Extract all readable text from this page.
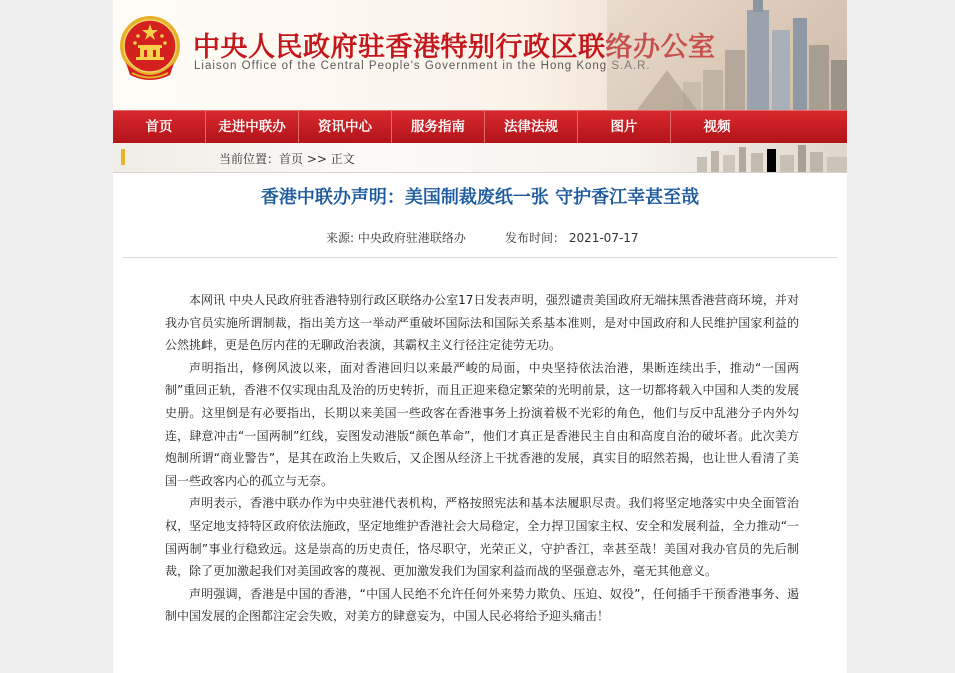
中央人民政府驻香港特别行政区联络办公室
Liaison Office of the Central People's Government in the Hong Kong S.A.R.
首页	走进中联办	资讯中心	服务指南	法律法规	图片	视频
当前位置：首页 >> 正文
香港中联办声明：美国制裁废纸一张 守护香江幸甚至哉
来源: 中央政府驻港联络办	发布时间： 2021-07-17

本网讯 中央人民政府驻香港特别行政区联络办公室17日发表声明，强烈谴责美国政府无端抹黑香港营商环境，并对我办官员实施所谓制裁，指出美方这一举动严重破坏国际法和国际关系基本准则，是对中国政府和人民维护国家利益的公然挑衅，更是色厉内荏的无聊政治表演，其霸权主义行径注定徒劳无功。

声明指出，修例风波以来，面对香港回归以来最严峻的局面，中央坚持依法治港，果断连续出手，推动“一国两制”重回正轨，香港不仅实现由乱及治的历史转折，而且正迎来稳定繁荣的光明前景，这一切都将载入中国和人类的发展史册。这里倒是有必要指出，长期以来美国一些政客在香港事务上扮演着极不光彩的角色，他们与反中乱港分子内外勾连，肆意冲击“一国两制”红线，妄图发动港版“颜色革命”，他们才真正是香港民主自由和高度自治的破坏者。此次美方炮制所谓“商业警告”，是其在政治上失败后，又企图从经济上干扰香港的发展，真实目的昭然若揭，也让世人看清了美国一些政客内心的孤立与无奈。

声明表示，香港中联办作为中央驻港代表机构，严格按照宪法和基本法履职尽责。我们将坚定地落实中央全面管治权，坚定地支持特区政府依法施政，坚定地维护香港社会大局稳定，全力捍卫国家主权、安全和发展利益，全力推动“一国两制”事业行稳致远。这是崇高的历史责任，恪尽职守，光荣正义，守护香江，幸甚至哉！美国对我办官员的先后制裁，除了更加激起我们对美国政客的蔑视、更加激发我们为国家利益而战的坚强意志外，毫无其他意义。

声明强调，香港是中国的香港，“中国人民绝不允许任何外来势力欺负、压迫、奴役”，任何插手干预香港事务、遏制中国发展的企图都注定会失败，对美方的肆意妄为，中国人民必将给予迎头痛击！
